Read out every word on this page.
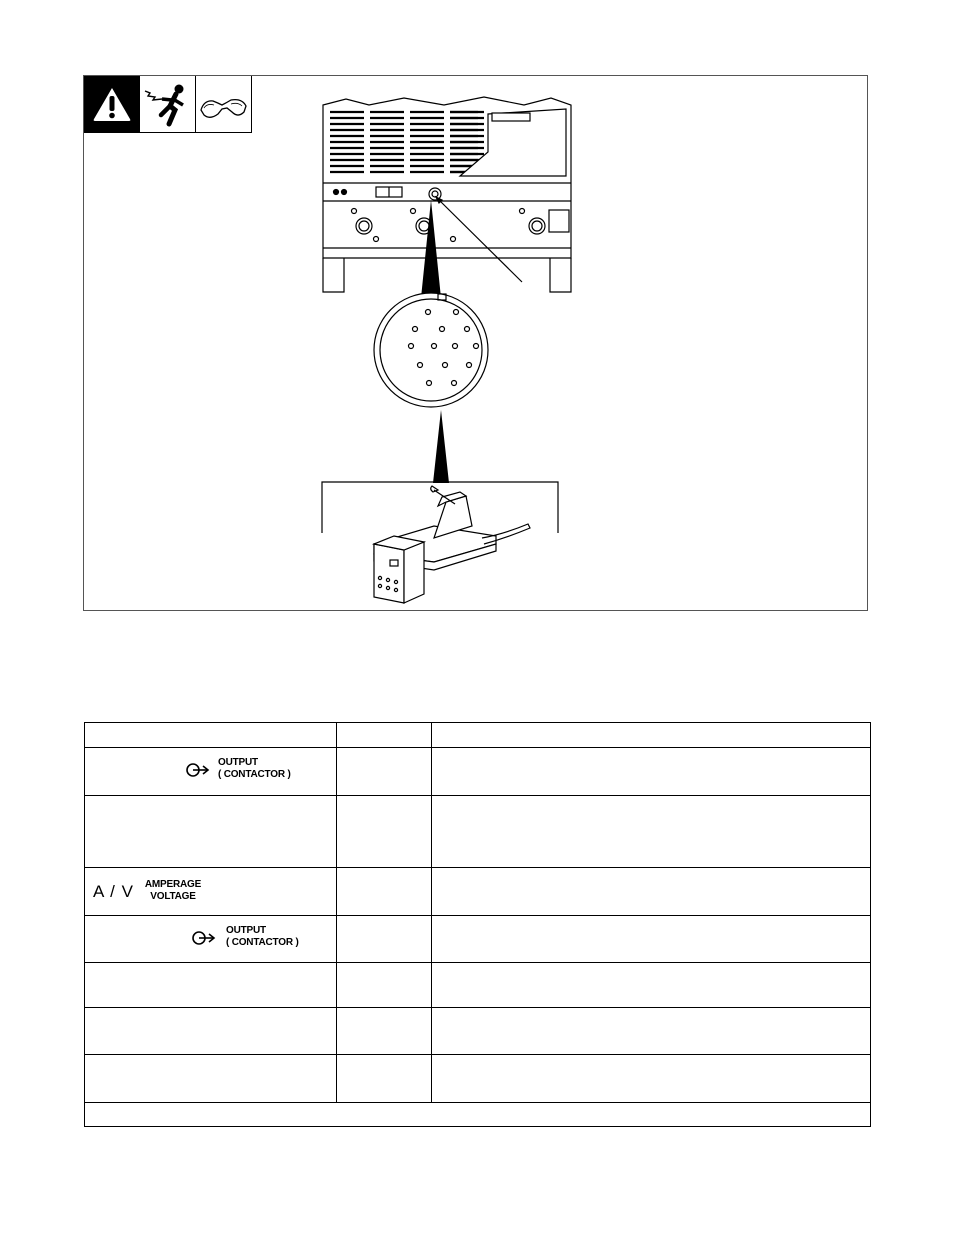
OUTPUT
( CONTACTOR )
A / V	AMPERAGE
VOLTAGE
OUTPUT
( CONTACTOR )
